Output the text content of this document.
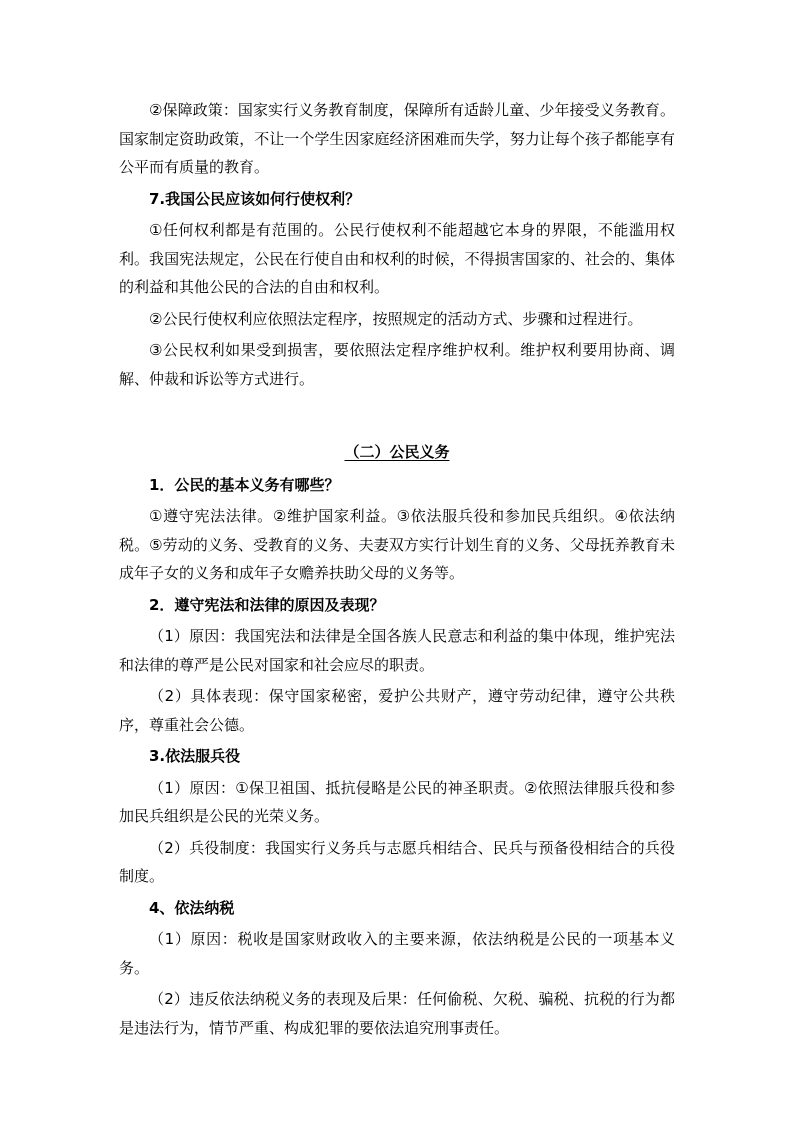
②保障政策：国家实行义务教育制度，保障所有适龄儿童、少年接受义务教育。国家制定资助政策，不让一个学生因家庭经济困难而失学，努力让每个孩子都能享有公平而有质量的教育。

7.我国公民应该如何行使权利？

①任何权利都是有范围的。公民行使权利不能超越它本身的界限，不能滥用权利。我国宪法规定，公民在行使自由和权利的时候，不得损害国家的、社会的、集体的利益和其他公民的合法的自由和权利。

②公民行使权利应依照法定程序，按照规定的活动方式、步骤和过程进行。

③公民权利如果受到损害，要依照法定程序维护权利。维护权利要用协商、调解、仲裁和诉讼等方式进行。

（二）公民义务

1．公民的基本义务有哪些？

①遵守宪法法律。②维护国家利益。③依法服兵役和参加民兵组织。④依法纳税。⑤劳动的义务、受教育的义务、夫妻双方实行计划生育的义务、父母抚养教育未成年子女的义务和成年子女赡养扶助父母的义务等。

2．遵守宪法和法律的原因及表现？

（1）原因：我国宪法和法律是全国各族人民意志和利益的集中体现，维护宪法和法律的尊严是公民对国家和社会应尽的职责。

（2）具体表现：保守国家秘密，爱护公共财产，遵守劳动纪律，遵守公共秩序，尊重社会公德。

3.依法服兵役

（1）原因：①保卫祖国、抵抗侵略是公民的神圣职责。②依照法律服兵役和参加民兵组织是公民的光荣义务。

（2）兵役制度：我国实行义务兵与志愿兵相结合、民兵与预备役相结合的兵役制度。

4、依法纳税

（1）原因：税收是国家财政收入的主要来源，依法纳税是公民的一项基本义务。

（2）违反依法纳税义务的表现及后果：任何偷税、欠税、骗税、抗税的行为都是违法行为，情节严重、构成犯罪的要依法追究刑事责任。
